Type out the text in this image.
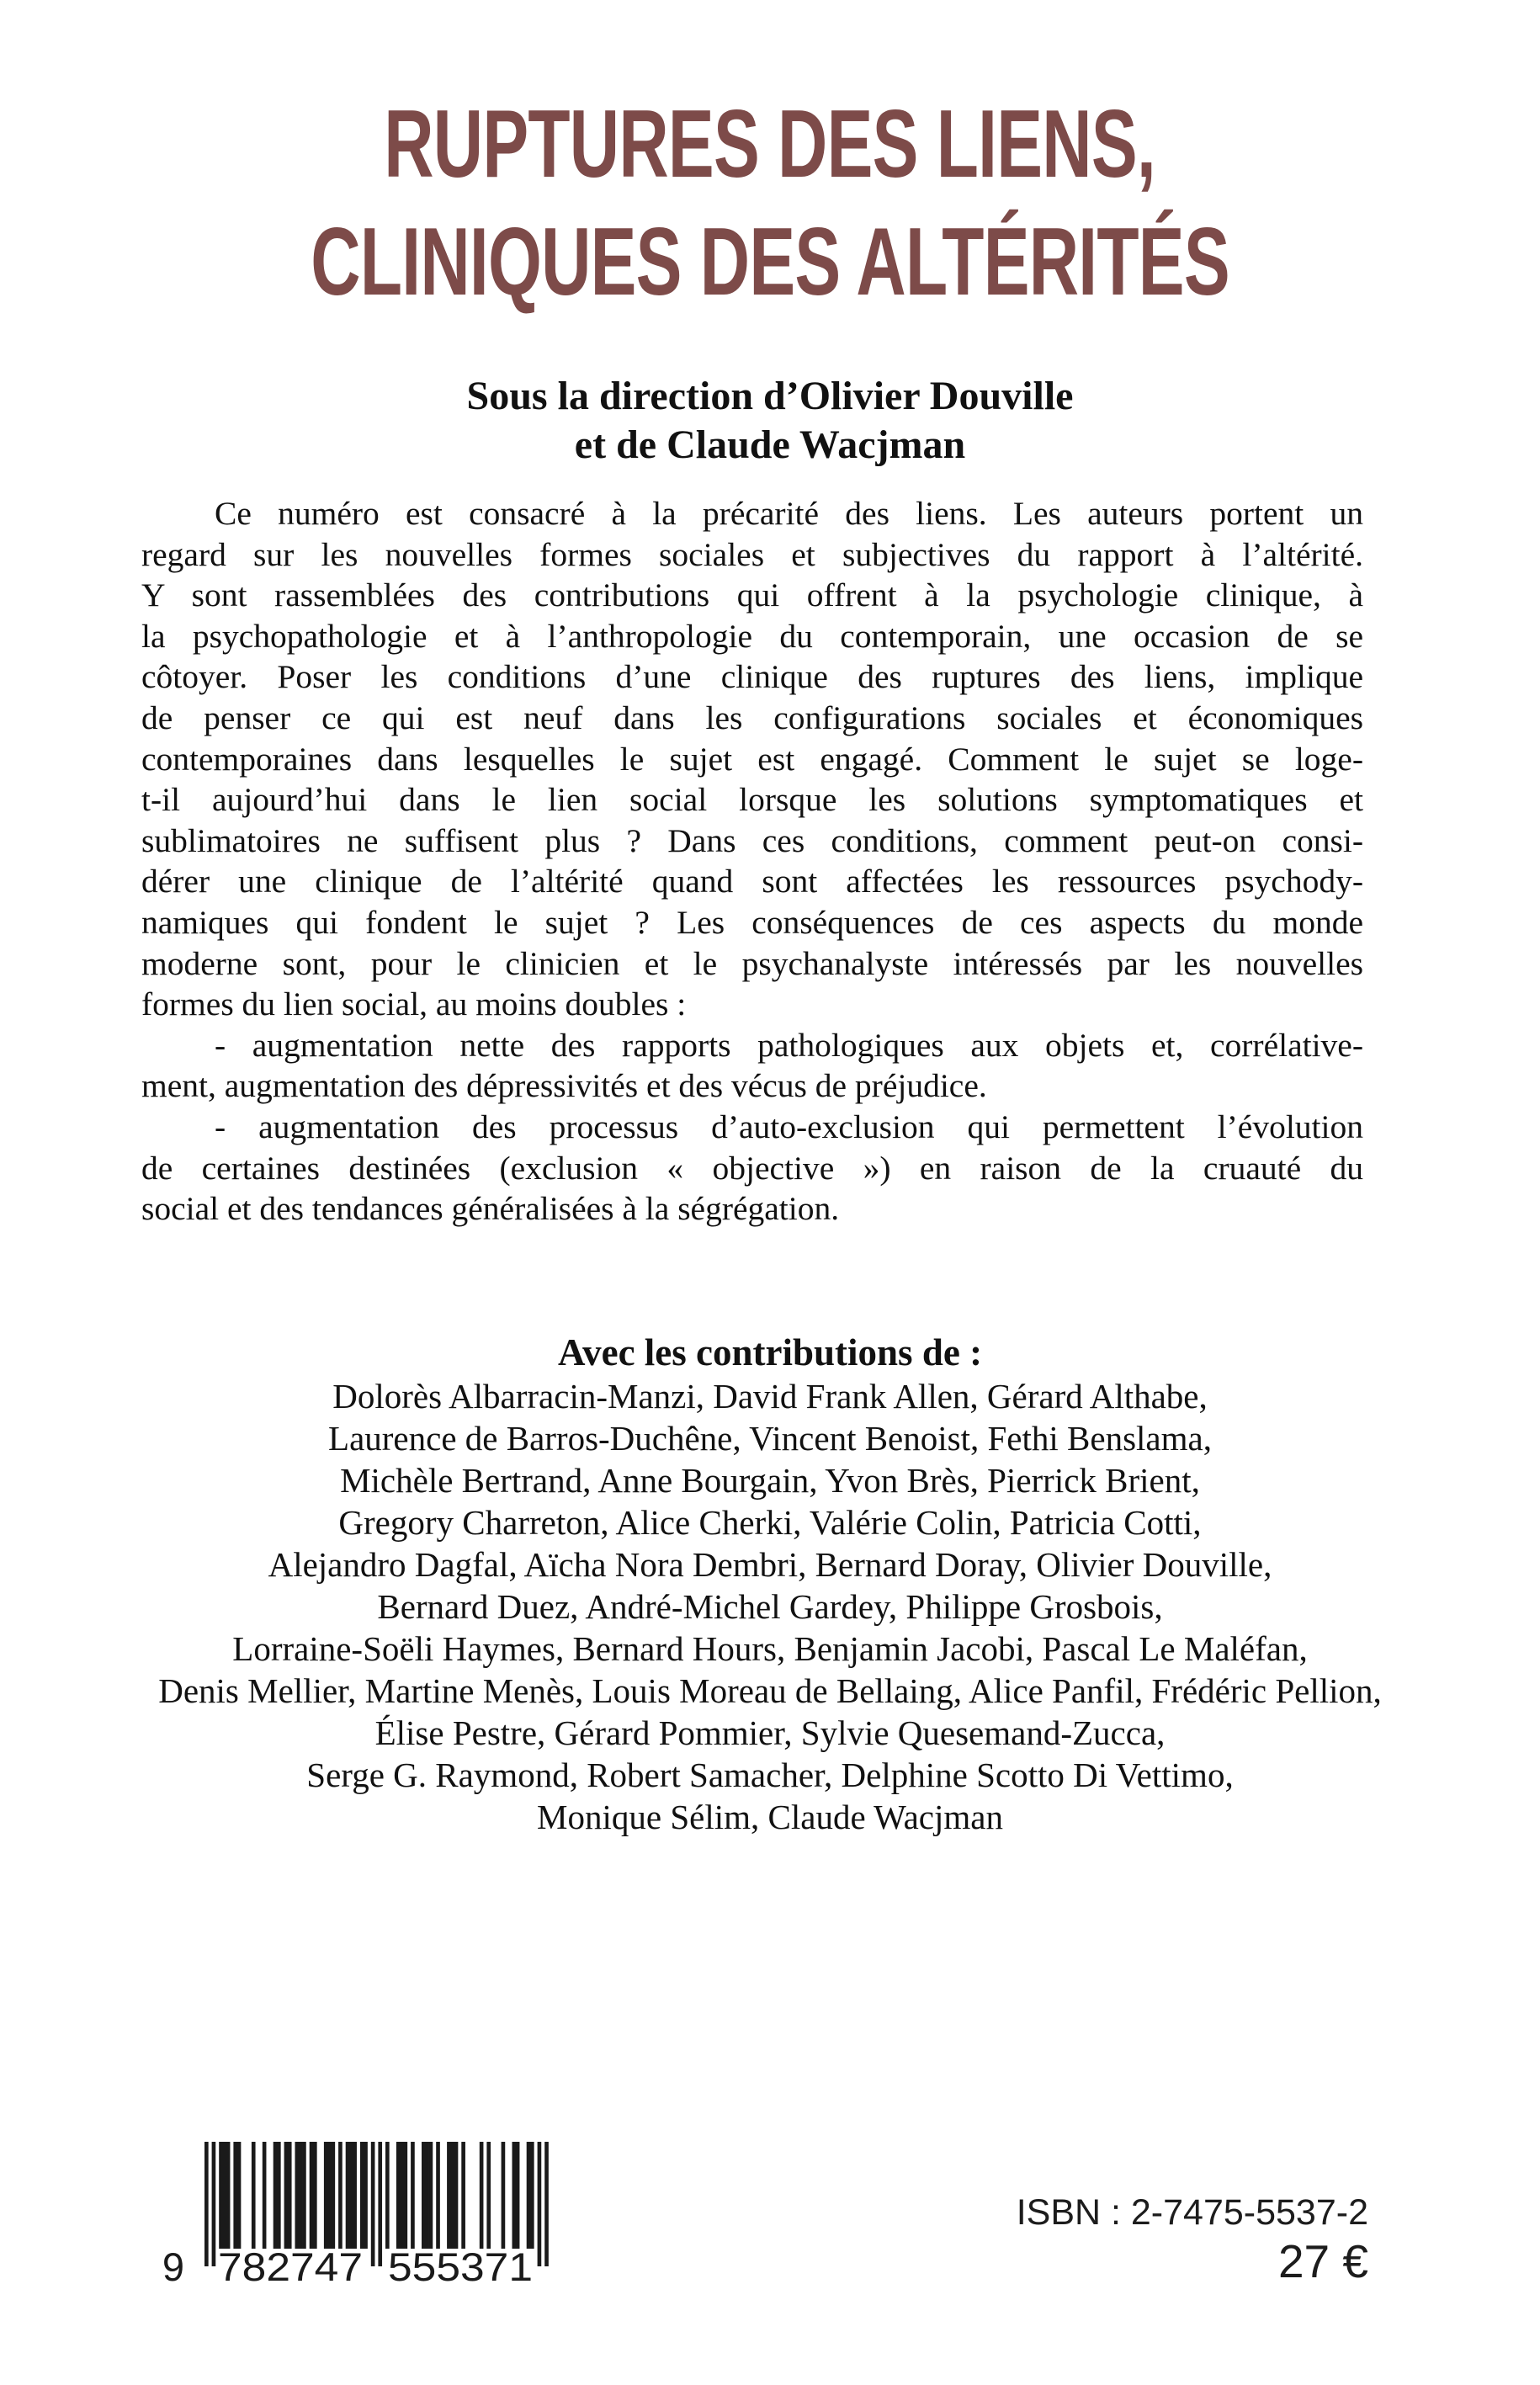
RUPTURES DES LIENS,
CLINIQUES DES ALTÉRITÉS
Sous la direction d’Olivier Douville
et de Claude Wacjman
Ce numéro est consacré à la précarité des liens. Les auteurs portent un
regard sur les nouvelles formes sociales et subjectives du rapport à l’altérité.
Y sont rassemblées des contributions qui offrent à la psychologie clinique, à
la psychopathologie et à l’anthropologie du contemporain, une occasion de se
côtoyer. Poser les conditions d’une clinique des ruptures des liens, implique
de penser ce qui est neuf dans les configurations sociales et économiques
contemporaines dans lesquelles le sujet est engagé. Comment le sujet se loge-
t-il aujourd’hui dans le lien social lorsque les solutions symptomatiques et
sublimatoires ne suffisent plus ? Dans ces conditions, comment peut-on consi-
dérer une clinique de l’altérité quand sont affectées les ressources psychody-
namiques qui fondent le sujet ? Les conséquences de ces aspects du monde
moderne sont, pour le clinicien et le psychanalyste intéressés par les nouvelles
formes du lien social, au moins doubles :
- augmentation nette des rapports pathologiques aux objets et, corrélative-
ment, augmentation des dépressivités et des vécus de préjudice.
- augmentation des processus d’auto-exclusion qui permettent l’évolution
de certaines destinées (exclusion « objective ») en raison de la cruauté du
social et des tendances généralisées à la ségrégation.
Avec les contributions de :
Dolorès Albarracin-Manzi, David Frank Allen, Gérard Althabe,
Laurence de Barros-Duchêne, Vincent Benoist, Fethi Benslama,
Michèle Bertrand, Anne Bourgain, Yvon Brès, Pierrick Brient,
Gregory Charreton, Alice Cherki, Valérie Colin, Patricia Cotti,
Alejandro Dagfal, Aïcha Nora Dembri, Bernard Doray, Olivier Douville,
Bernard Duez, André-Michel Gardey, Philippe Grosbois,
Lorraine-Soëli Haymes, Bernard Hours, Benjamin Jacobi, Pascal Le Maléfan,
Denis Mellier, Martine Menès, Louis Moreau de Bellaing, Alice Panfil, Frédéric Pellion,
Élise Pestre, Gérard Pommier, Sylvie Quesemand-Zucca,
Serge G. Raymond, Robert Samacher, Delphine Scotto Di Vettimo,
Monique Sélim, Claude Wacjman
9 782747 555371
ISBN : 2-7475-5537-2
27 €
